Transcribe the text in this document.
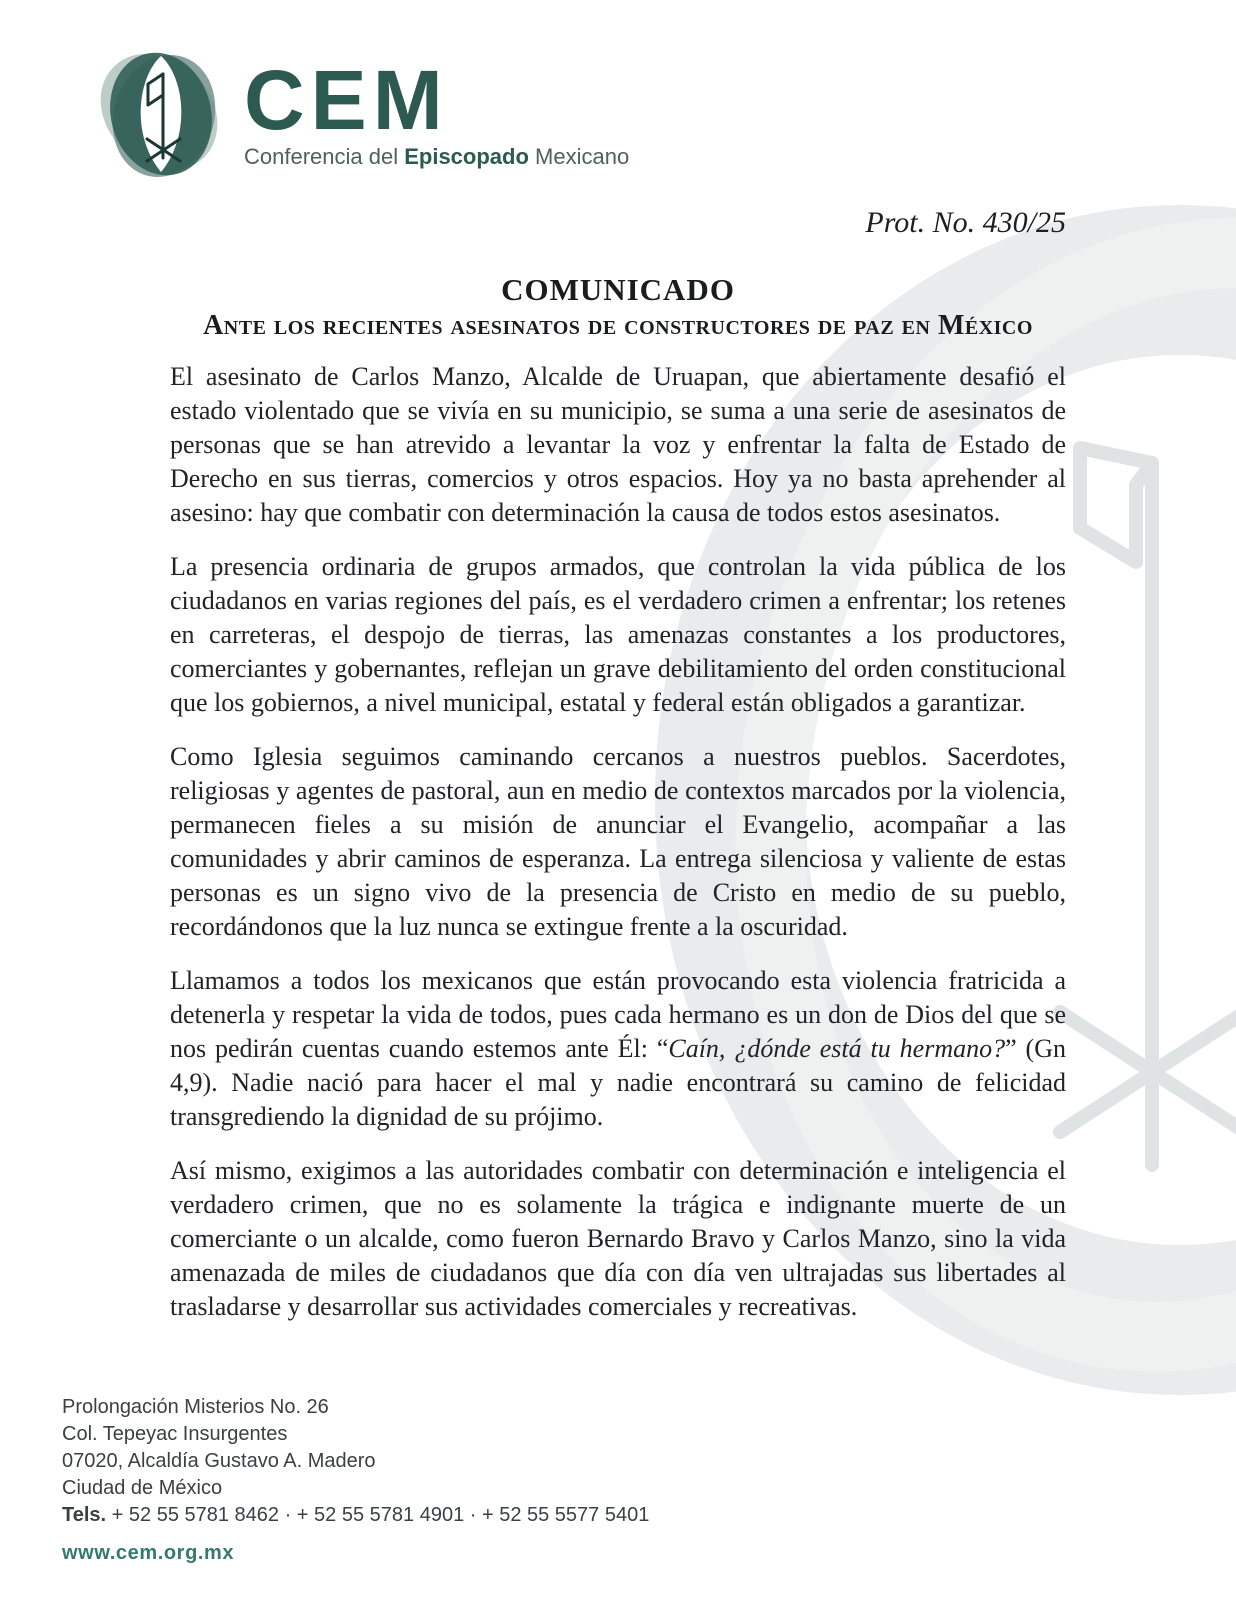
CEM
Conferencia del Episcopado Mexicano
Prot. No. 430/25
COMUNICADO
Ante los recientes asesinatos de constructores de paz en México

El asesinato de Carlos Manzo, Alcalde de Uruapan, que abiertamente desafió el estado violentado que se vivía en su municipio, se suma a una serie de asesinatos de personas que se han atrevido a levantar la voz y enfrentar la falta de Estado de Derecho en sus tierras, comercios y otros espacios. Hoy ya no basta aprehender al asesino: hay que combatir con determinación la causa de todos estos asesinatos.

La presencia ordinaria de grupos armados, que controlan la vida pública de los ciudadanos en varias regiones del país, es el verdadero crimen a enfrentar; los retenes en carreteras, el despojo de tierras, las amenazas constantes a los productores, comerciantes y gobernantes, reflejan un grave debilitamiento del orden constitucional que los gobiernos, a nivel municipal, estatal y federal están obligados a garantizar.

Como Iglesia seguimos caminando cercanos a nuestros pueblos. Sacerdotes, religiosas y agentes de pastoral, aun en medio de contextos marcados por la violencia, permanecen fieles a su misión de anunciar el Evangelio, acompañar a las comunidades y abrir caminos de esperanza. La entrega silenciosa y valiente de estas personas es un signo vivo de la presencia de Cristo en medio de su pueblo, recordándonos que la luz nunca se extingue frente a la oscuridad.

Llamamos a todos los mexicanos que están provocando esta violencia fratricida a detenerla y respetar la vida de todos, pues cada hermano es un don de Dios del que se nos pedirán cuentas cuando estemos ante Él: “Caín, ¿dónde está tu hermano?” (Gn 4,9). Nadie nació para hacer el mal y nadie encontrará su camino de felicidad transgrediendo la dignidad de su prójimo.

Así mismo, exigimos a las autoridades combatir con determinación e inteligencia el verdadero crimen, que no es solamente la trágica e indignante muerte de un comerciante o un alcalde, como fueron Bernardo Bravo y Carlos Manzo, sino la vida amenazada de miles de ciudadanos que día con día ven ultrajadas sus libertades al trasladarse y desarrollar sus actividades comerciales y recreativas.

Prolongación Misterios No. 26
Col. Tepeyac Insurgentes
07020, Alcaldía Gustavo A. Madero
Ciudad de México
Tels. + 52 55 5781 8462 · + 52 55 5781 4901 · + 52 55 5577 5401
www.cem.org.mx
